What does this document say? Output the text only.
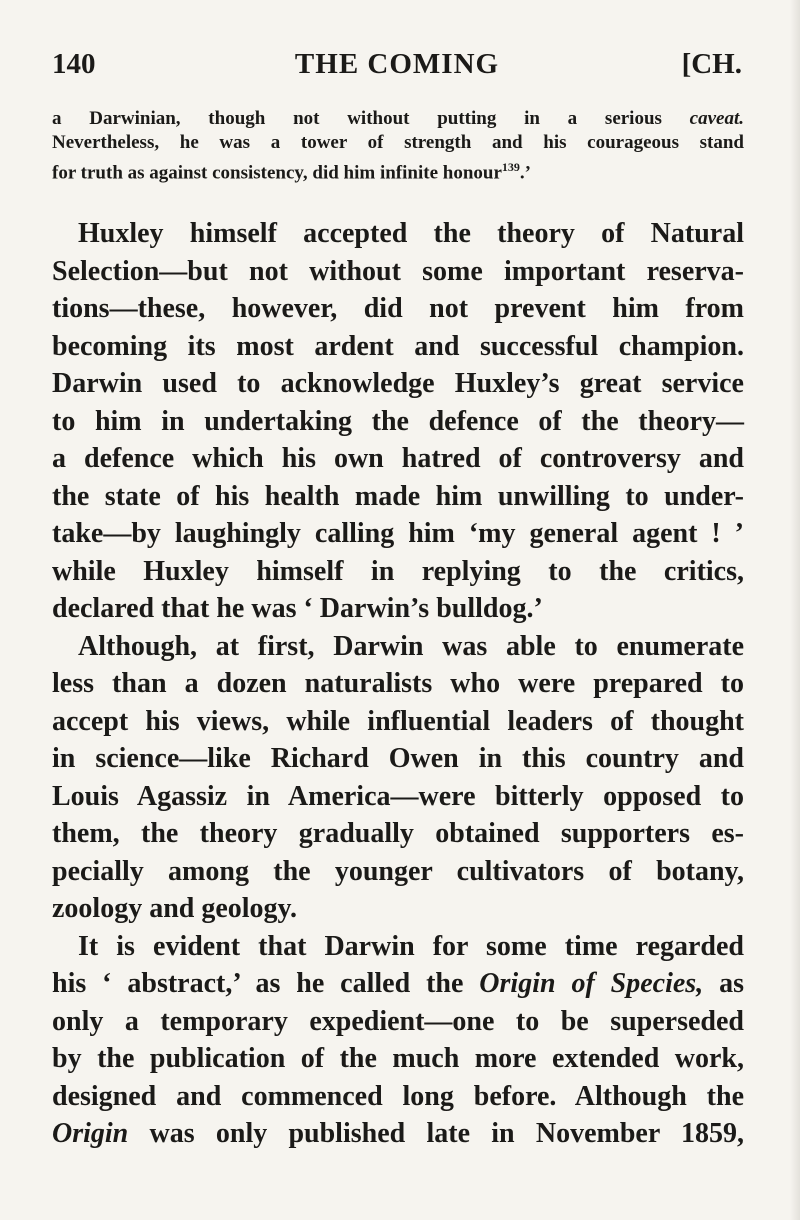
140	THE COMING	[CH.
a Darwinian, though not without putting in a serious caveat.
Nevertheless, he was a tower of strength and his courageous stand
for truth as against consistency, did him infinite honour$^{139}$.’
Huxley himself accepted the theory of Natural
Selection—but not without some important reserva-
tions—these, however, did not prevent him from
becoming its most ardent and successful champion.
Darwin used to acknowledge Huxley’s great service
to him in undertaking the defence of the theory—
a defence which his own hatred of controversy and
the state of his health made him unwilling to under-
take—by laughingly calling him ‘my general agent ! ’
while Huxley himself in replying to the critics,
declared that he was ‘ Darwin’s bulldog.’
Although, at first, Darwin was able to enumerate
less than a dozen naturalists who were prepared to
accept his views, while influential leaders of thought
in science—like Richard Owen in this country and
Louis Agassiz in America—were bitterly opposed to
them, the theory gradually obtained supporters es-
pecially among the younger cultivators of botany,
zoology and geology.
It is evident that Darwin for some time regarded
his ‘ abstract,’ as he called the Origin of Species, as
only a temporary expedient—one to be superseded
by the publication of the much more extended work,
designed and commenced long before. Although the
Origin was only published late in November 1859,
